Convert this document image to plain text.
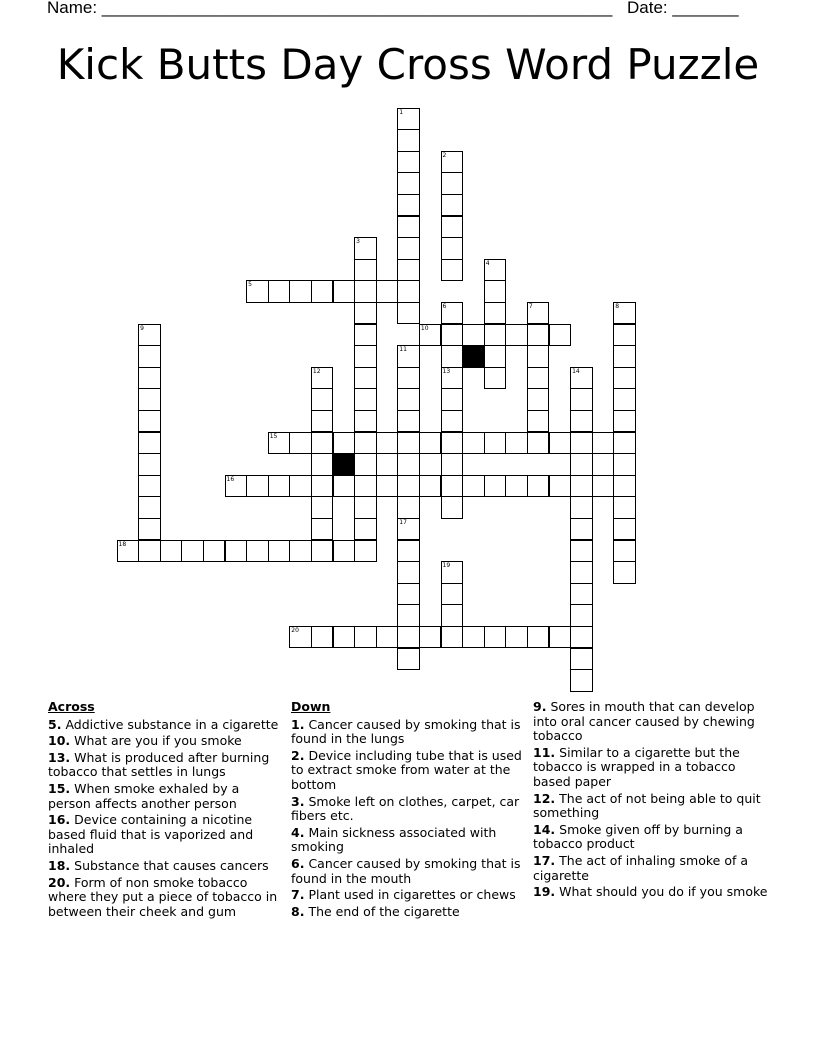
Name: ______________________________________________________ Date: _______
Kick Butts Day Cross Word Puzzle
1
2
3
4
5
6
13
7	8
9	10
11
17
12	14
15
16
18
19
20
Across
5. Addictive substance in a cigarette
10. What are you if you smoke
13. What is produced after burning tobacco that settles in lungs
15. When smoke exhaled by a person affects another person
16. Device containing a nicotine based fluid that is vaporized and inhaled
18. Substance that causes cancers
20. Form of non smoke tobacco where they put a piece of tobacco in between their cheek and gum
Down
1. Cancer caused by smoking that is found in the lungs
2. Device including tube that is used to extract smoke from water at the bottom
3. Smoke left on clothes, carpet, car fibers etc.
4. Main sickness associated with smoking
6. Cancer caused by smoking that is found in the mouth
7. Plant used in cigarettes or chews
8. The end of the cigarette
9. Sores in mouth that can develop into oral cancer caused by chewing tobacco
11. Similar to a cigarette but the tobacco is wrapped in a tobacco based paper
12. The act of not being able to quit something
14. Smoke given off by burning a tobacco product
17. The act of inhaling smoke of a cigarette
19. What should you do if you smoke
